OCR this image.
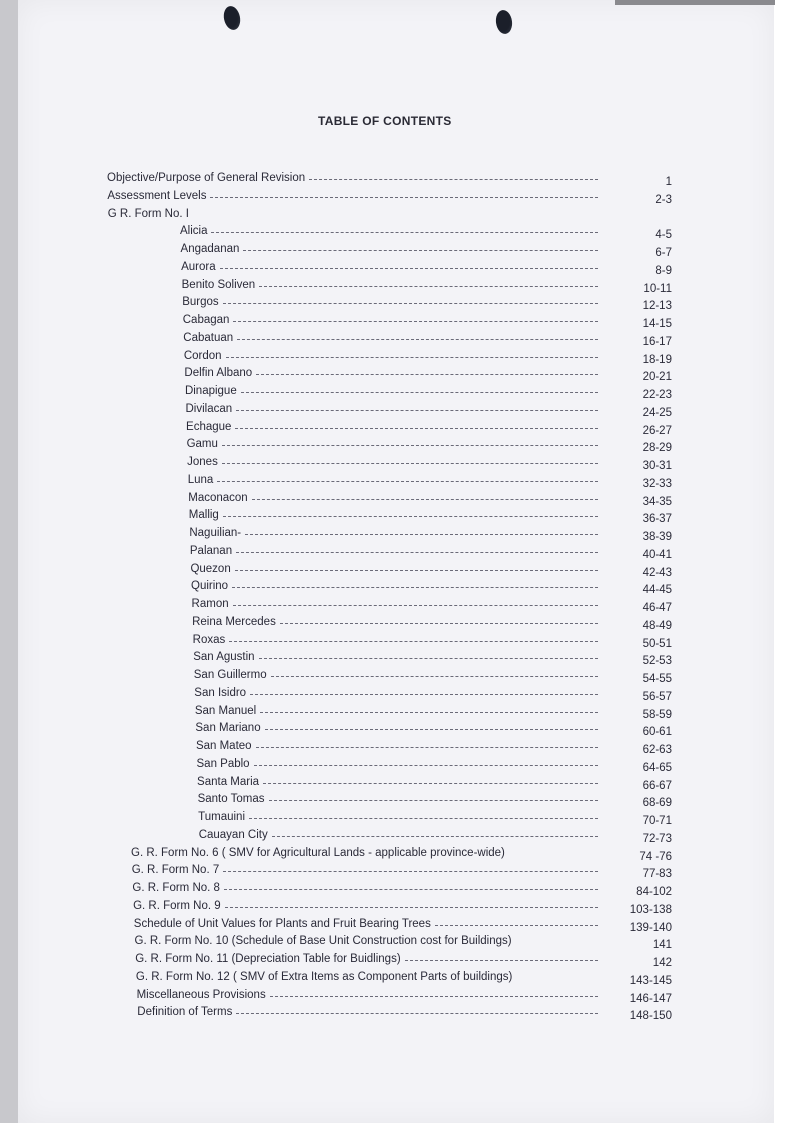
TABLE OF CONTENTS
Objective/Purpose of General Revision	1
Assessment Levels	2-3
G R. Form No. I
Alicia	4-5
Angadanan	6-7
Aurora	8-9
Benito Soliven	10-11
Burgos	12-13
Cabagan	14-15
Cabatuan	16-17
Cordon	18-19
Delfin Albano	20-21
Dinapigue	22-23
Divilacan	24-25
Echague	26-27
Gamu	28-29
Jones	30-31
Luna	32-33
Maconacon	34-35
Mallig	36-37
Naguilian-	38-39
Palanan	40-41
Quezon	42-43
Quirino	44-45
Ramon	46-47
Reina Mercedes	48-49
Roxas	50-51
San Agustin	52-53
San Guillermo	54-55
San Isidro	56-57
San Manuel	58-59
San Mariano	60-61
San Mateo	62-63
San Pablo	64-65
Santa Maria	66-67
Santo Tomas	68-69
Tumauini	70-71
Cauayan City	72-73
G. R. Form No. 6 ( SMV for Agricultural Lands - applicable province-wide)	74 -76
G. R. Form No. 7	77-83
G. R. Form No. 8	84-102
G. R. Form No. 9	103-138
Schedule of Unit Values for Plants and Fruit Bearing Trees	139-140
G. R. Form No. 10 (Schedule of Base Unit Construction cost for Buildings)	141
G. R. Form No. 11 (Depreciation Table for Buidlings)	142
G. R. Form No. 12 ( SMV of Extra Items as Component Parts of buildings)	143-145
Miscellaneous Provisions	146-147
Definition of Terms	148-150
